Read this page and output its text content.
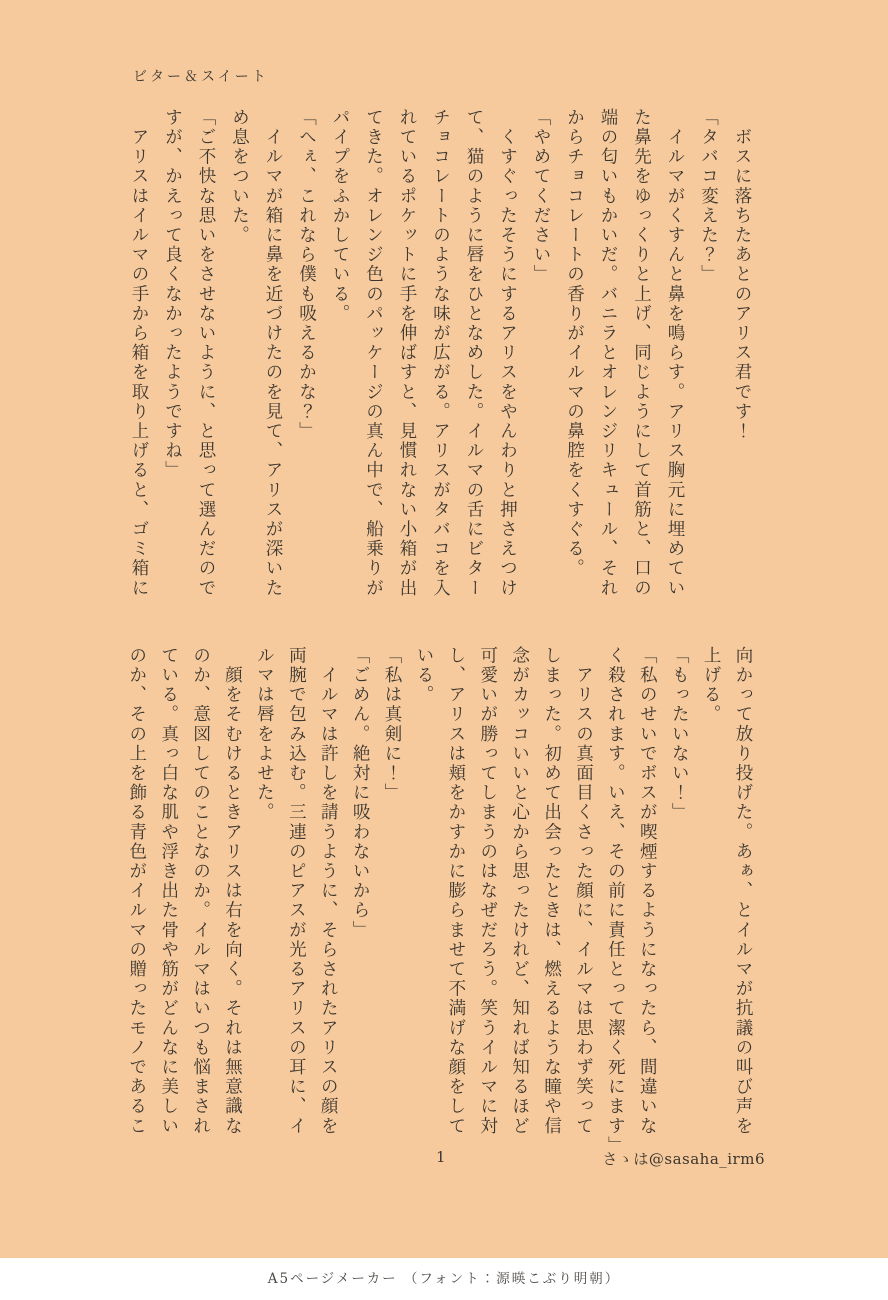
ビター＆スイート
　ボスに落ちたあとのアリス君です！
「タバコ変えた？」
　イルマがくすんと鼻を鳴らす。アリス胸元に埋めてい
た鼻先をゆっくりと上げ、同じようにして首筋と、口の
端の匂いもかいだ。バニラとオレンジリキュール、それ
からチョコレートの香りがイルマの鼻腔をくすぐる。
「やめてください」
　くすぐったそうにするアリスをやんわりと押さえつけ
て、猫のように唇をひとなめした。イルマの舌にビター
チョコレートのような味が広がる。アリスがタバコを入
れているポケットに手を伸ばすと、見慣れない小箱が出
てきた。オレンジ色のパッケージの真ん中で、船乗りが
パイプをふかしている。
「へぇ、これなら僕も吸えるかな？」
　イルマが箱に鼻を近づけたのを見て、アリスが深いた
め息をついた。
「ご不快な思いをさせないように、と思って選んだので
すが、かえって良くなかったようですね」
　アリスはイルマの手から箱を取り上げると、ゴミ箱に
向かって放り投げた。あぁ、とイルマが抗議の叫び声を
上げる。
「もったいない！」
「私のせいでボスが喫煙するようになったら、間違いな
く殺されます。いえ、その前に責任とって潔く死にます」
　アリスの真面目くさった顔に、イルマは思わず笑って
しまった。初めて出会ったときは、燃えるような瞳や信
念がカッコいいと心から思ったけれど、知れば知るほど
可愛いが勝ってしまうのはなぜだろう。笑うイルマに対
し、アリスは頬をかすかに膨らませて不満げな顔をして
いる。
「私は真剣に！」
「ごめん。絶対に吸わないから」
　イルマは許しを請うように、そらされたアリスの顔を
両腕で包み込む。三連のピアスが光るアリスの耳に、イ
ルマは唇をよせた。
　顔をそむけるときアリスは右を向く。それは無意識な
のか、意図してのことなのか。イルマはいつも悩まされ
ている。真っ白な肌や浮き出た骨や筋がどんなに美しい
のか、その上を飾る青色がイルマの贈ったモノであるこ
1	さゝは@sasaha_irm6
A5ページメーカー （フォント：源暎こぶり明朝）
